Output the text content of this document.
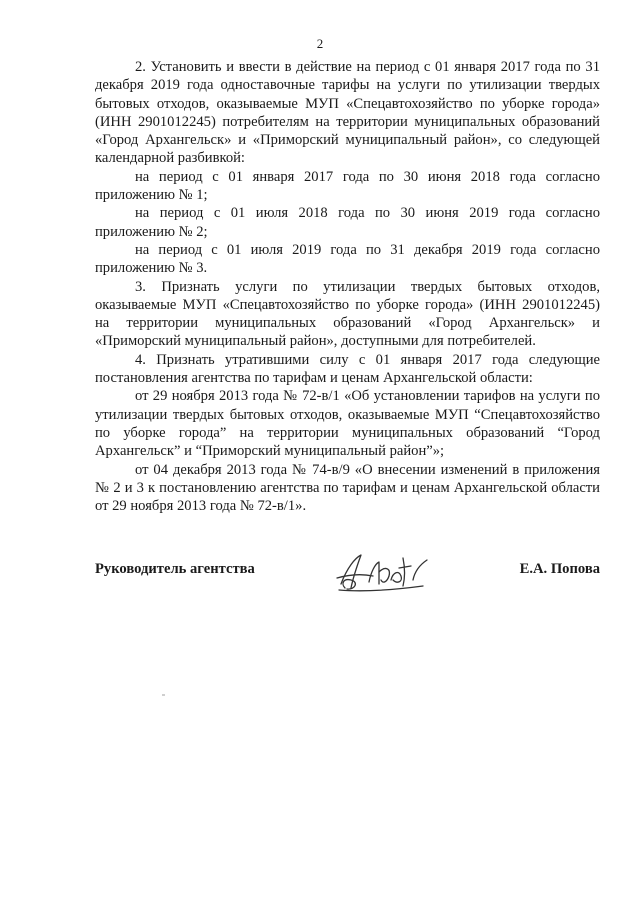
2

2. Установить и ввести в действие на период с 01 января 2017 года по 31 декабря 2019 года одноставочные тарифы на услуги по утилизации твердых бытовых отходов, оказываемые МУП «Спецавтохозяйство по уборке города» (ИНН 2901012245) потребителям на территории муниципальных образований «Город Архангельск» и «Приморский муниципальный район», со следующей календарной разбивкой:

на период с 01 января 2017 года по 30 июня 2018 года согласно приложению № 1;

на период с 01 июля 2018 года по 30 июня 2019 года согласно приложению № 2;

на период с 01 июля 2019 года по 31 декабря 2019 года согласно приложению № 3.

3. Признать услуги по утилизации твердых бытовых отходов, оказываемые МУП «Спецавтохозяйство по уборке города» (ИНН 2901012245) на территории муниципальных образований «Город Архангельск» и «Приморский муниципальный район», доступными для потребителей.

4. Признать утратившими силу с 01 января 2017 года следующие постановления агентства по тарифам и ценам Архангельской области:

от 29 ноября 2013 года № 72-в/1 «Об установлении тарифов на услуги по утилизации твердых бытовых отходов, оказываемые МУП “Спецавтохозяйство по уборке города” на территории муниципальных образований “Город Архангельск” и “Приморский муниципальный район”»;

от 04 декабря 2013 года № 74-в/9 «О внесении изменений в приложения № 2 и 3 к постановлению агентства по тарифам и ценам Архангельской области от 29 ноября 2013 года № 72-в/1».

Руководитель агентства	Е.А. Попова
